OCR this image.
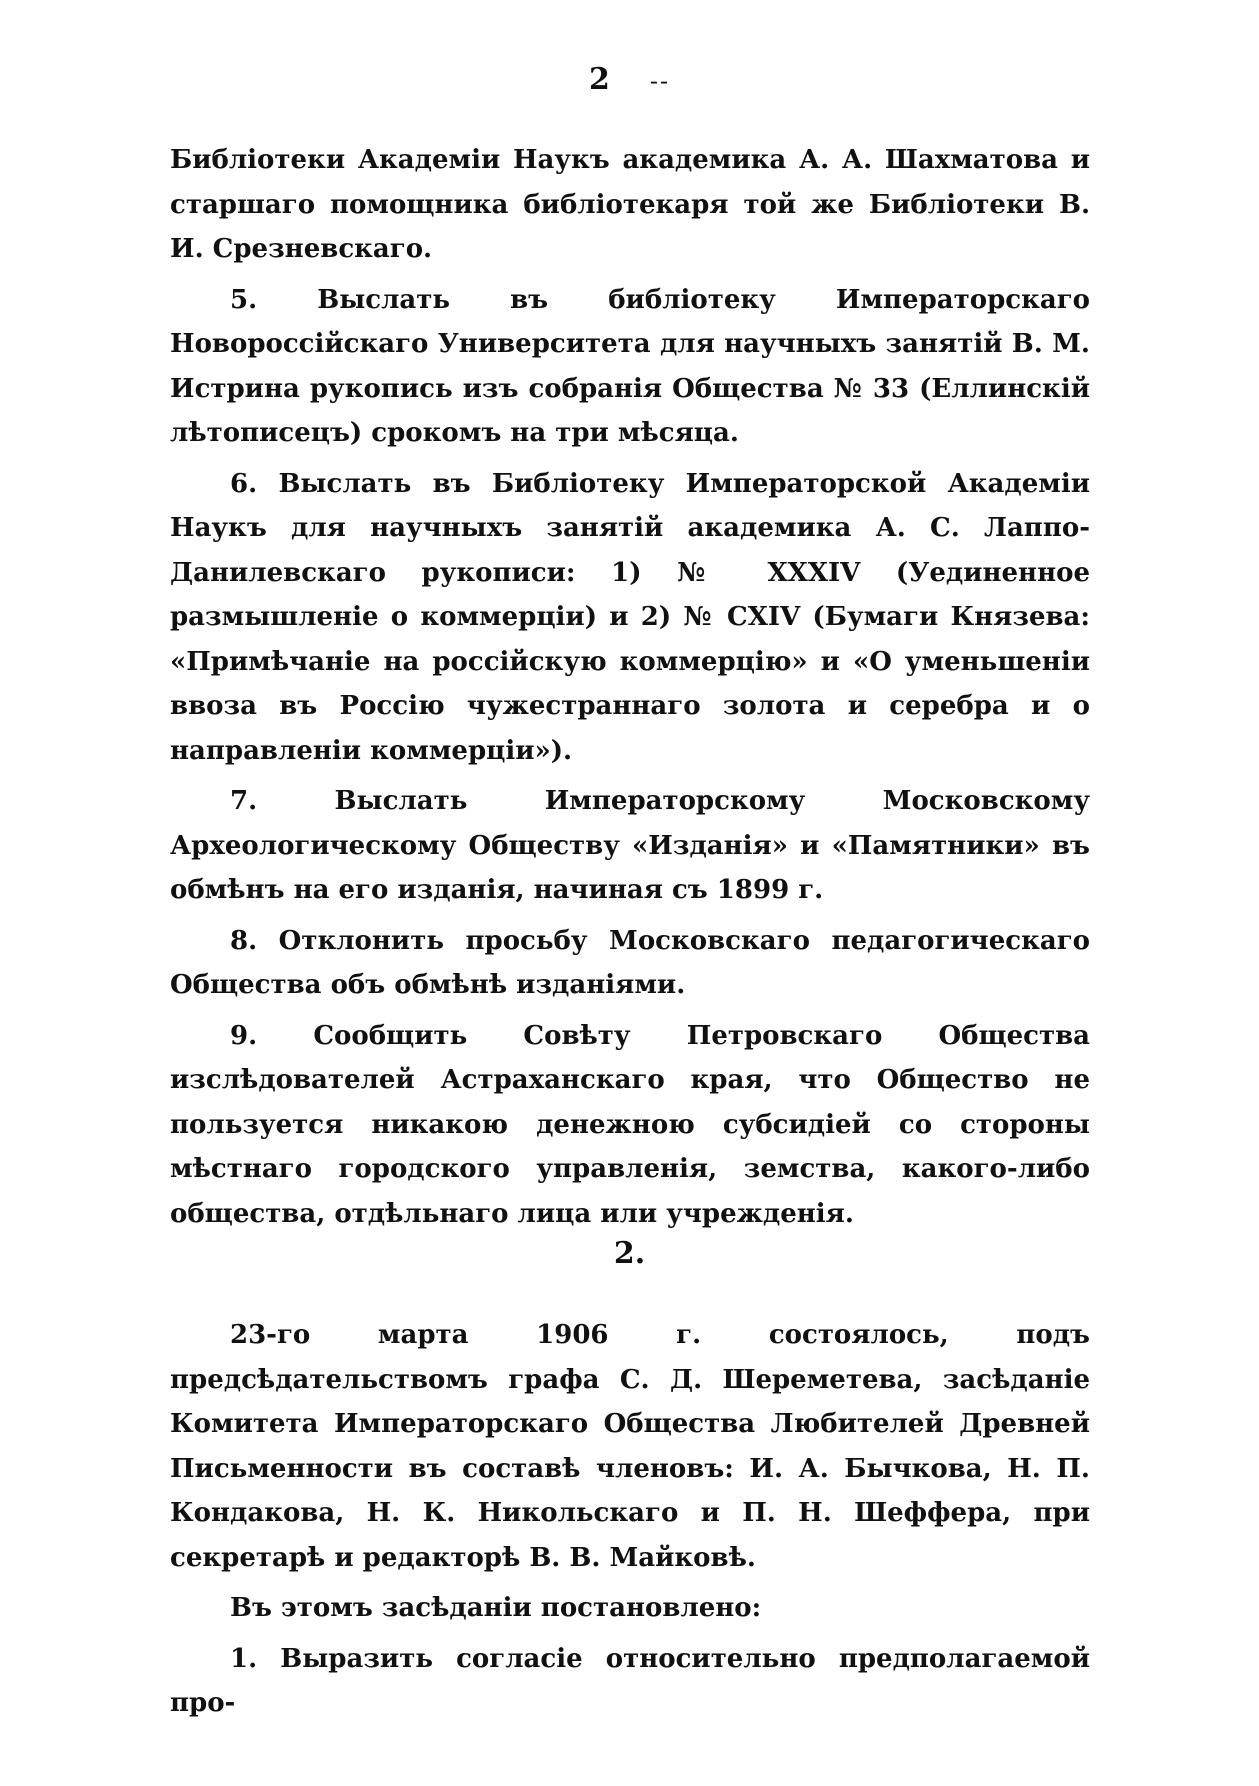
2 --

Библіотеки Академіи Наукъ академика А. А. Шахматова и старшаго помощника библіотекаря той же Библіотеки В. И. Срезневскаго.

5. Выслать въ библіотеку Императорскаго Новороссійскаго Университета для научныхъ занятій В. М. Истрина рукопись изъ собранія Общества № 33 (Еллинскій лѣтописецъ) срокомъ на три мѣсяца.

6. Выслать въ Библіотеку Императорской Академіи Наукъ для научныхъ занятій академика А. С. Лаппо-Данилевскаго рукописи: 1) № XXXIV (Уединенное размышленіе о коммерціи) и 2) № CXIV (Бумаги Князева: «Примѣчаніе на россійскую коммерцію» и «О уменьшеніи ввоза въ Россію чужестраннаго золота и серебра и о направленіи коммерціи»).

7. Выслать Императорскому Московскому Археологическому Обществу «Изданія» и «Памятники» въ обмѣнъ на его изданія, начиная съ 1899 г.

8. Отклонить просьбу Московскаго педагогическаго Общества объ обмѣнѣ изданіями.

9. Сообщить Совѣту Петровскаго Общества изслѣдователей Астраханскаго края, что Общество не пользуется никакою денежною субсидіей со стороны мѣстнаго городского управленія, земства, какого-либо общества, отдѣльнаго лица или учрежденія.

2.

23-го марта 1906 г. состоялось, подъ предсѣдательствомъ графа С. Д. Шереметева, засѣданіе Комитета Императорскаго Общества Любителей Древней Письменности въ составѣ членовъ: И. А. Бычкова, Н. П. Кондакова, Н. К. Никольскаго и П. Н. Шеффера, при секретарѣ и редакторѣ В. В. Майковѣ.

Въ этомъ засѣданіи постановлено:

1. Выразить согласіе относительно предполагаемой про-
